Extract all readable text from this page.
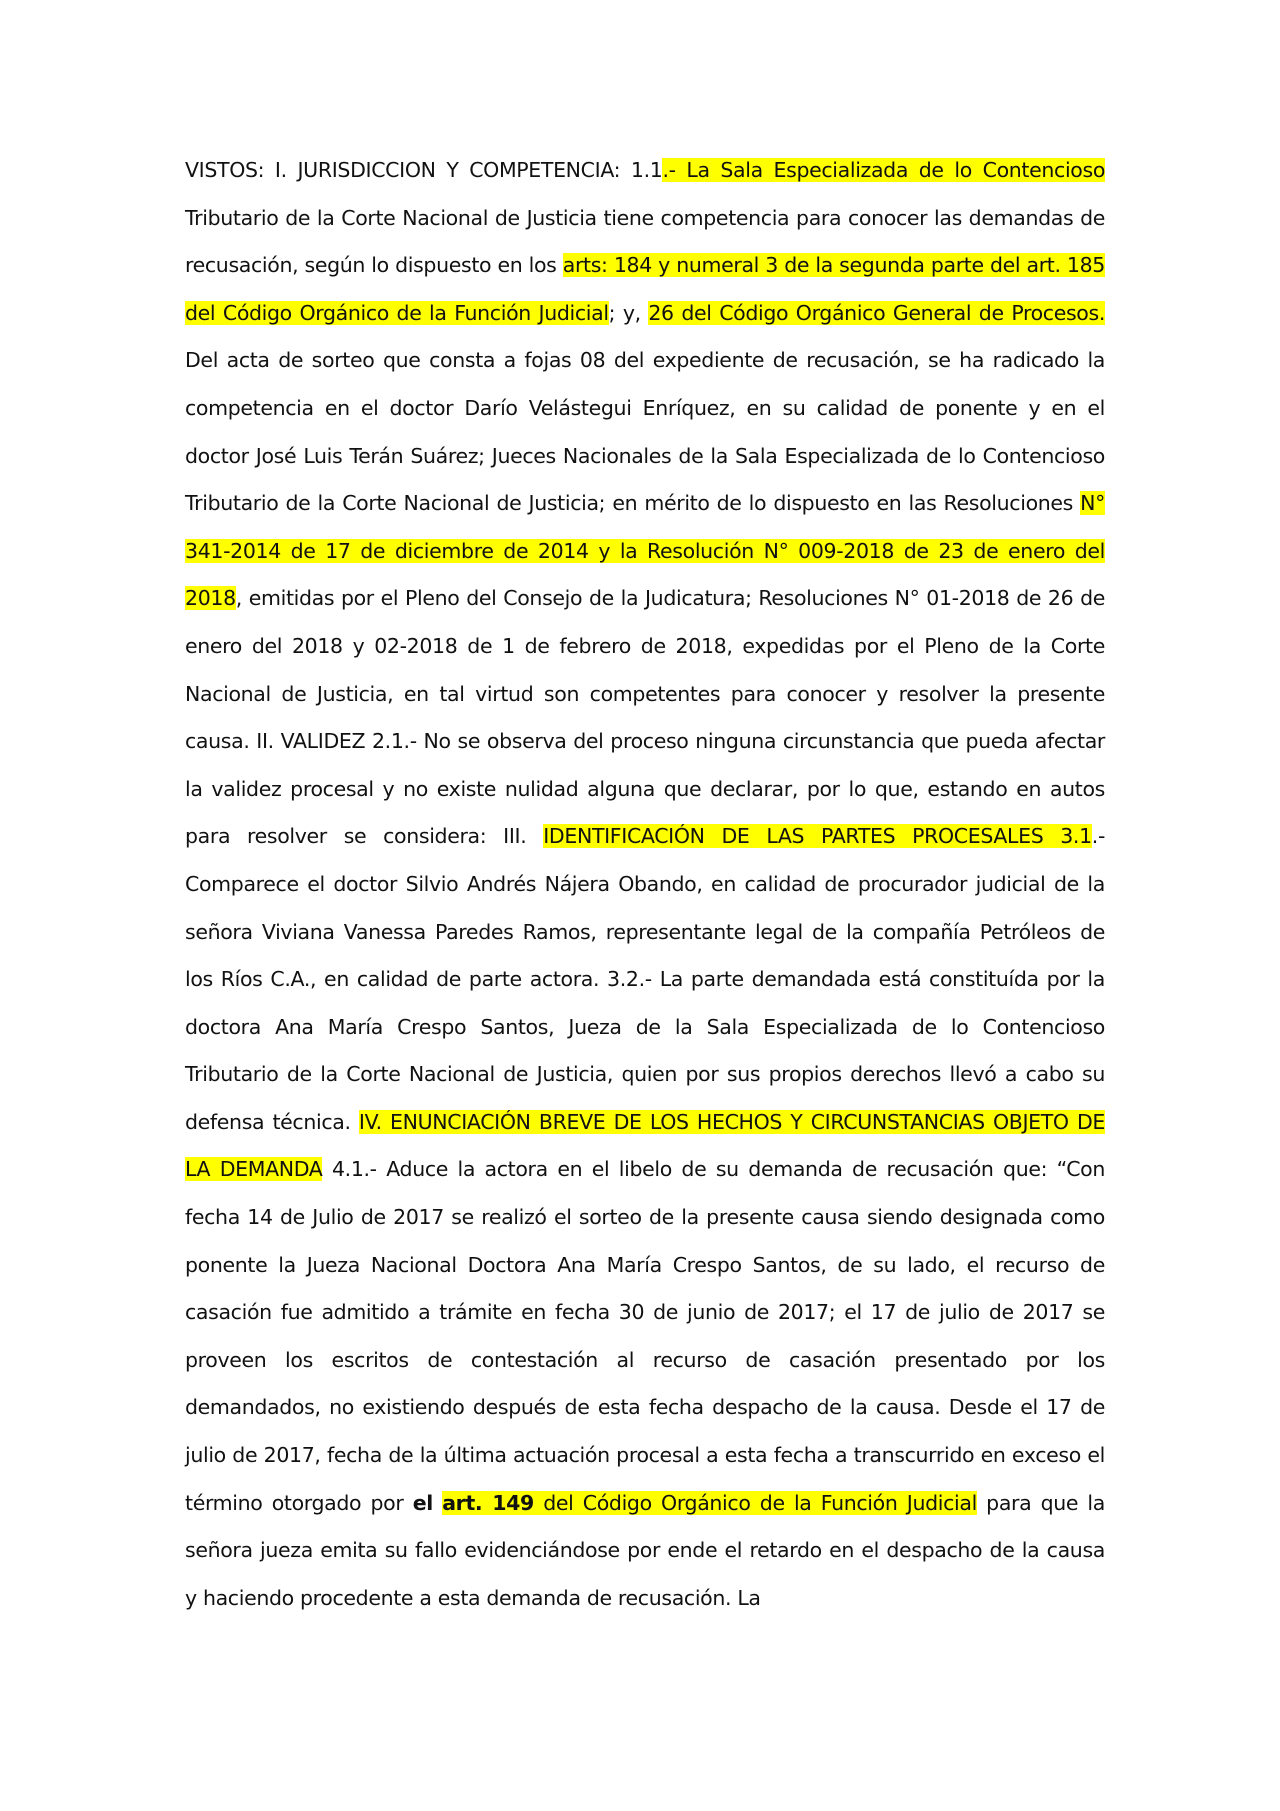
VISTOS: I. JURISDICCION Y COMPETENCIA: 1.1.- La Sala Especializada de lo Contencioso Tributario de la Corte Nacional de Justicia tiene competencia para conocer las demandas de recusación, según lo dispuesto en los arts: 184 y numeral 3 de la segunda parte del art. 185 del Código Orgánico de la Función Judicial; y, 26 del Código Orgánico General de Procesos. Del acta de sorteo que consta a fojas 08 del expediente de recusación, se ha radicado la competencia en el doctor Darío Velástegui Enríquez, en su calidad de ponente y en el doctor José Luis Terán Suárez; Jueces Nacionales de la Sala Especializada de lo Contencioso Tributario de la Corte Nacional de Justicia; en mérito de lo dispuesto en las Resoluciones N° 341-2014 de 17 de diciembre de 2014 y la Resolución N° 009-2018 de 23 de enero del 2018, emitidas por el Pleno del Consejo de la Judicatura; Resoluciones N° 01-2018 de 26 de enero del 2018 y 02-2018 de 1 de febrero de 2018, expedidas por el Pleno de la Corte Nacional de Justicia, en tal virtud son competentes para conocer y resolver la presente causa. II. VALIDEZ 2.1.- No se observa del proceso ninguna circunstancia que pueda afectar la validez procesal y no existe nulidad alguna que declarar, por lo que, estando en autos para resolver se considera: III. IDENTIFICACIÓN DE LAS PARTES PROCESALES 3.1.- Comparece el doctor Silvio Andrés Nájera Obando, en calidad de procurador judicial de la señora Viviana Vanessa Paredes Ramos, representante legal de la compañía Petróleos de los Ríos C.A., en calidad de parte actora. 3.2.- La parte demandada está constituída por la doctora Ana María Crespo Santos, Jueza de la Sala Especializada de lo Contencioso Tributario de la Corte Nacional de Justicia, quien por sus propios derechos llevó a cabo su defensa técnica. IV. ENUNCIACIÓN BREVE DE LOS HECHOS Y CIRCUNSTANCIAS OBJETO DE LA DEMANDA 4.1.- Aduce la actora en el libelo de su demanda de recusación que: “Con fecha 14 de Julio de 2017 se realizó el sorteo de la presente causa siendo designada como ponente la Jueza Nacional Doctora Ana María Crespo Santos, de su lado, el recurso de casación fue admitido a trámite en fecha 30 de junio de 2017; el 17 de julio de 2017 se proveen los escritos de contestación al recurso de casación presentado por los demandados, no existiendo después de esta fecha despacho de la causa. Desde el 17 de julio de 2017, fecha de la última actuación procesal a esta fecha a transcurrido en exceso el término otorgado por el art. 149 del Código Orgánico de la Función Judicial para que la señora jueza emita su fallo evidenciándose por ende el retardo en el despacho de la causa y haciendo procedente a esta demanda de recusación. La
